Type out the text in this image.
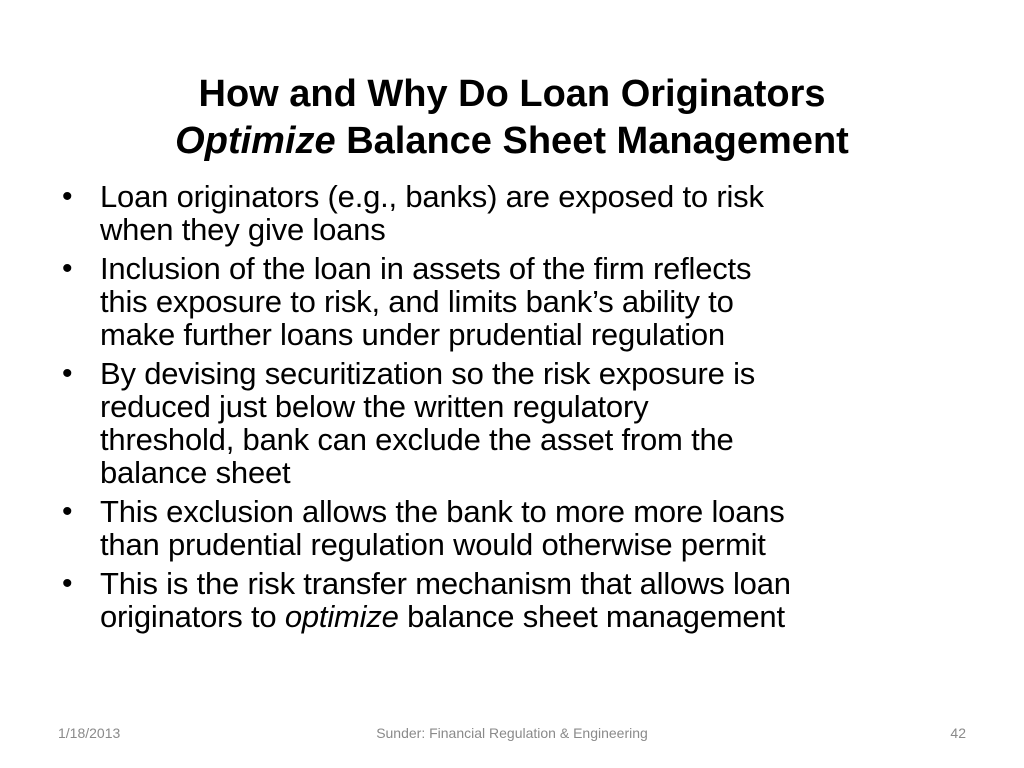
How and Why Do Loan Originators
Optimize Balance Sheet Management
• Loan originators (e.g., banks) are exposed to risk
when they give loans
• Inclusion of the loan in assets of the firm reflects
this exposure to risk, and limits bank’s ability to
make further loans under prudential regulation
• By devising securitization so the risk exposure is
reduced just below the written regulatory
threshold, bank can exclude the asset from the
balance sheet
• This exclusion allows the bank to more more loans
than prudential regulation would otherwise permit
• This is the risk transfer mechanism that allows loan
originators to optimize balance sheet management
1/18/2013	Sunder: Financial Regulation & Engineering	42
